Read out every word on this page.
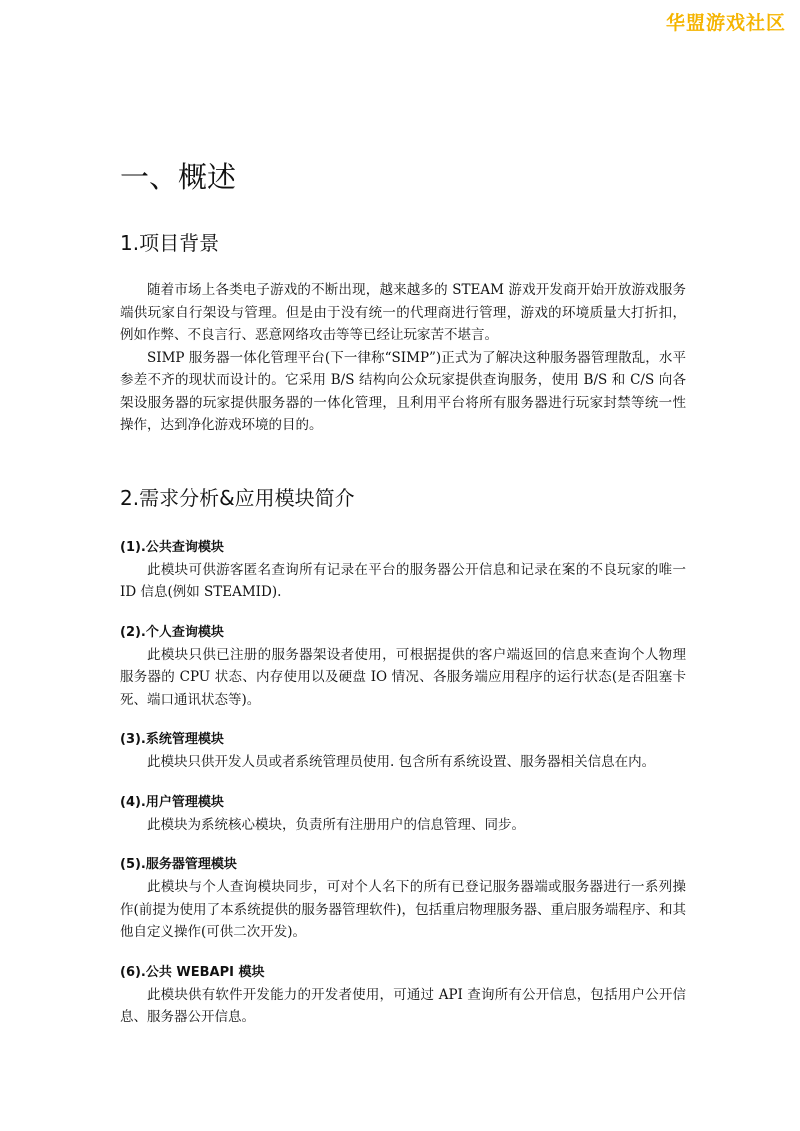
华盟游戏社区
一、概述
1.项目背景

随着市场上各类电子游戏的不断出现，越来越多的 STEAM 游戏开发商开始开放游戏服务端供玩家自行架设与管理。但是由于没有统一的代理商进行管理，游戏的环境质量大打折扣，例如作弊、不良言行、恶意网络攻击等等已经让玩家苦不堪言。

SIMP 服务器一体化管理平台(下一律称“SIMP”)正式为了解决这种服务器管理散乱，水平参差不齐的现状而设计的。它采用 B/S 结构向公众玩家提供查询服务，使用 B/S 和 C/S 向各架设服务器的玩家提供服务器的一体化管理，且利用平台将所有服务器进行玩家封禁等统一性操作，达到净化游戏环境的目的。

2.需求分析&应用模块简介

(1).公共查询模块

此模块可供游客匿名查询所有记录在平台的服务器公开信息和记录在案的不良玩家的唯一 ID 信息(例如 STEAMID).

(2).个人查询模块

此模块只供已注册的服务器架设者使用，可根据提供的客户端返回的信息来查询个人物理服务器的 CPU 状态、内存使用以及硬盘 IO 情况、各服务端应用程序的运行状态(是否阻塞卡死、端口通讯状态等)。

(3).系统管理模块

此模块只供开发人员或者系统管理员使用. 包含所有系统设置、服务器相关信息在内。

(4).用户管理模块

此模块为系统核心模块，负责所有注册用户的信息管理、同步。

(5).服务器管理模块

此模块与个人查询模块同步，可对个人名下的所有已登记服务器端或服务器进行一系列操作(前提为使用了本系统提供的服务器管理软件)，包括重启物理服务器、重启服务端程序、和其他自定义操作(可供二次开发)。

(6).公共 WEBAPI 模块

此模块供有软件开发能力的开发者使用，可通过 API 查询所有公开信息，包括用户公开信息、服务器公开信息。
